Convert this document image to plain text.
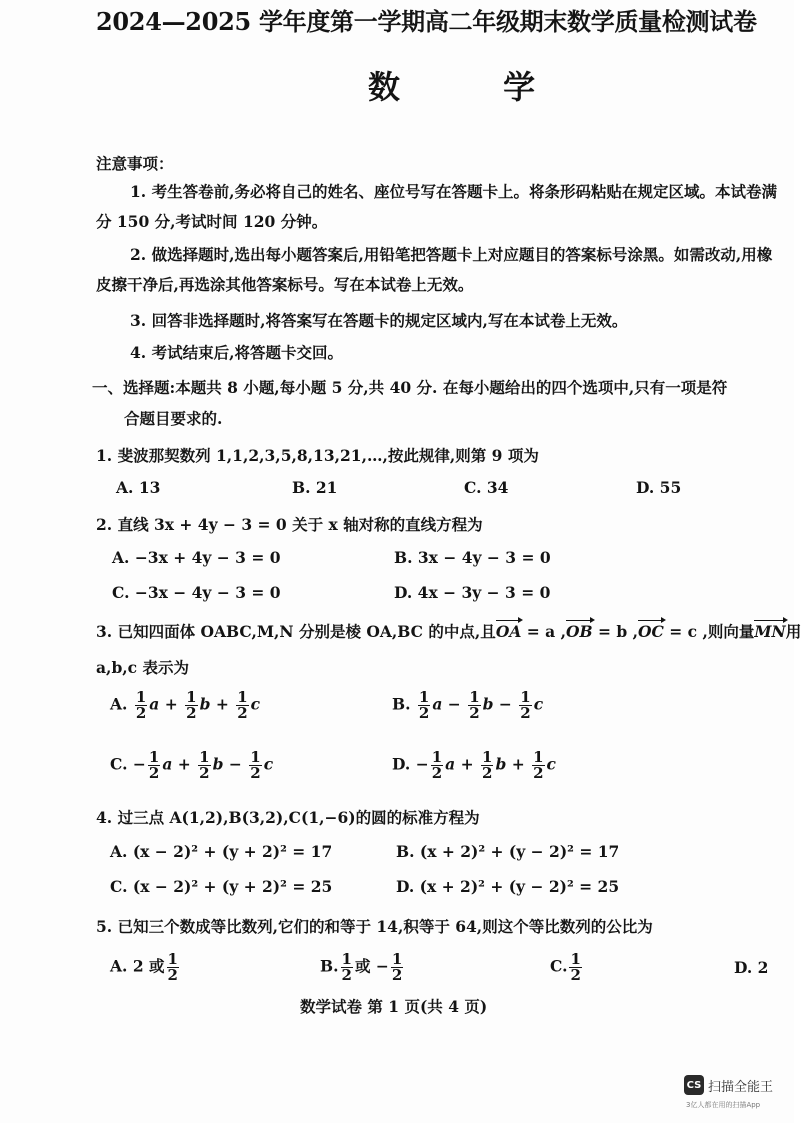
2024—2025 学年度第一学期高二年级期末数学质量检测试卷
数 学
注意事项：
1. 考生答卷前,务必将自己的姓名、座位号写在答题卡上。将条形码粘贴在规定区域。本试卷满分 150 分,考试时间 120 分钟。
2. 做选择题时,选出每小题答案后,用铅笔把答题卡上对应题目的答案标号涂黑。如需改动,用橡皮擦干净后,再选涂其他答案标号。写在本试卷上无效。
3. 回答非选择题时,将答案写在答题卡的规定区域内,写在本试卷上无效。
4. 考试结束后,将答题卡交回。
一、选择题:本题共 8 小题,每小题 5 分,共 40 分. 在每小题给出的四个选项中,只有一项是符
合题目要求的.
1. 斐波那契数列 1,1,2,3,5,8,13,21,…,按此规律,则第 9 项为
A. 13	B. 21	C. 34	D. 55
2. 直线 3x + 4y − 3 = 0 关于 x 轴对称的直线方程为
A. −3x + 4y − 3 = 0	B. 3x − 4y − 3 = 0
C. −3x − 4y − 3 = 0	D. 4x − 3y − 3 = 0
3. 已知四面体 OABC,M,N 分别是棱 OA,BC 的中点,且OA = a ,OB = b ,OC = c ,则向量MN用
a,b,c 表示为
A. $\frac{1}{2}$ $a + \frac{1}{2}$ $b + \frac{1}{2}$ c	B. $\frac{1}{2}$ $a - \frac{1}{2}$ $b - \frac{1}{2}$ c
C. − $\frac{1}{2}$ $a + \frac{1}{2}$ $b - \frac{1}{2}$ c	D. − $\frac{1}{2}$ $a + \frac{1}{2}$ $b + \frac{1}{2}$ c
4. 过三点 A(1,2),B(3,2),C(1,−6)的圆的标准方程为
A. (x − 2)² + (y + 2)² = 17	B. (x + 2)² + (y − 2)² = 17
C. (x − 2)² + (y + 2)² = 25	D. (x + 2)² + (y − 2)² = 25
5. 已知三个数成等比数列,它们的和等于 14,积等于 64,则这个等比数列的公比为
A. 2 或 $\frac{1}{2}$	B. $\frac{1}{2}$ 或 − $\frac{1}{2}$	C. $\frac{1}{2}$	D. 2
数学试卷 第 1 页(共 4 页)
CS 扫描全能王
3亿人都在用的扫描App
